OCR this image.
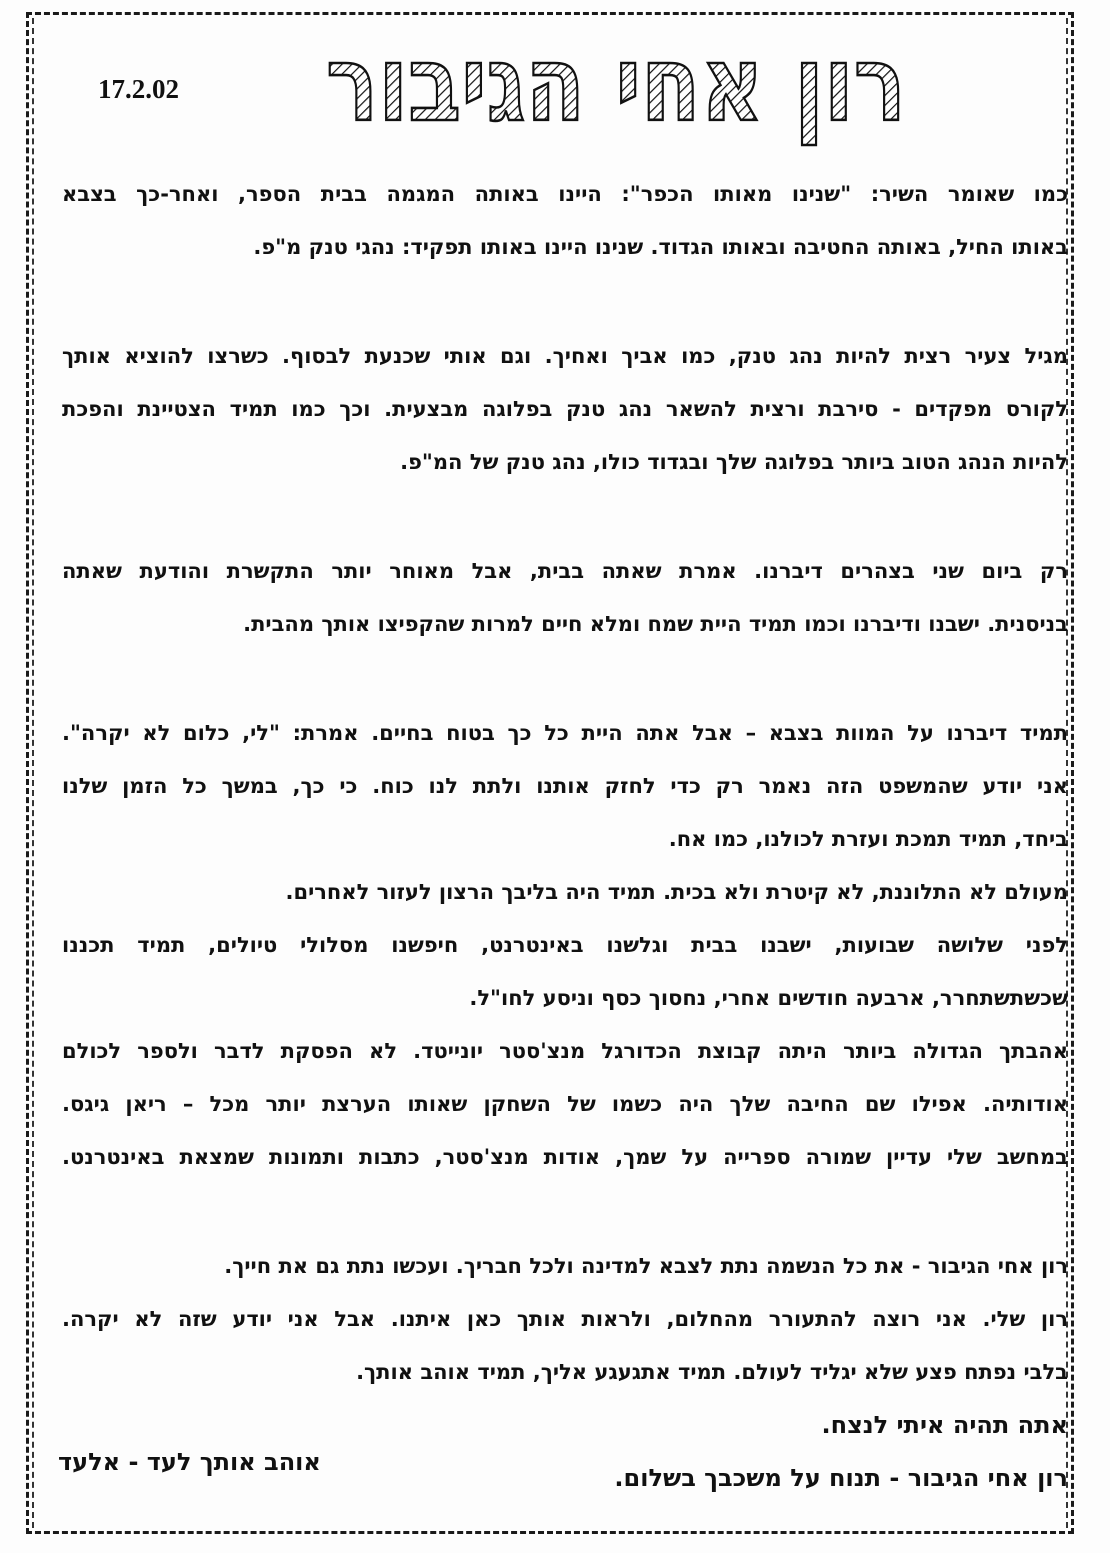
17.2.02 רון אחי הגיבור
כמו שאומר השיר: "שנינו מאותו הכפר": היינו באותה המגמה בבית הספר, ואחר-כך בצבא
באותו החיל, באותה החטיבה ובאותו הגדוד. שנינו היינו באותו תפקיד: נהגי טנק מ"פ.
מגיל צעיר רצית להיות נהג טנק, כמו אביך ואחיך. וגם אותי שכנעת לבסוף. כשרצו להוציא אותך
לקורס מפקדים - סירבת ורצית להשאר נהג טנק בפלוגה מבצעית. וכך כמו תמיד הצטיינת והפכת
להיות הנהג הטוב ביותר בפלוגה שלך ובגדוד כולו, נהג טנק של המ"פ.
רק ביום שני בצהרים דיברנו. אמרת שאתה בבית, אבל מאוחר יותר התקשרת והודעת שאתה
בניסנית. ישבנו ודיברנו וכמו תמיד היית שמח ומלא חיים למרות שהקפיצו אותך מהבית.
תמיד דיברנו על המוות בצבא – אבל אתה היית כל כך בטוח בחיים. אמרת: "לי, כלום לא יקרה".
אני יודע שהמשפט הזה נאמר רק כדי לחזק אותנו ולתת לנו כוח. כי כך, במשך כל הזמן שלנו
ביחד, תמיד תמכת ועזרת לכולנו, כמו אח.
מעולם לא התלוננת, לא קיטרת ולא בכית. תמיד היה בליבך הרצון לעזור לאחרים.
לפני שלושה שבועות, ישבנו בבית וגלשנו באינטרנט, חיפשנו מסלולי טיולים, תמיד תכננו
שכשתשתחרר, ארבעה חודשים אחרי, נחסוך כסף וניסע לחו"ל.
אהבתך הגדולה ביותר היתה קבוצת הכדורגל מנצ'סטר יונייטד. לא הפסקת לדבר ולספר לכולם
אודותיה. אפילו שם החיבה שלך היה כשמו של השחקן שאותו הערצת יותר מכל – ריאן גיגס.
במחשב שלי עדיין שמורה ספרייה על שמך, אודות מנצ'סטר, כתבות ותמונות שמצאת באינטרנט.
רון אחי הגיבור - את כל הנשמה נתת לצבא למדינה ולכל חבריך. ועכשו נתת גם את חייך.
רון שלי. אני רוצה להתעורר מהחלום, ולראות אותך כאן איתנו. אבל אני יודע שזה לא יקרה.
בלבי נפתח פצע שלא יגליד לעולם. תמיד אתגעגע אליך, תמיד אוהב אותך.
אתה תהיה איתי לנצח.
רון אחי הגיבור - תנוח על משכבך בשלום.
אוהב אותך לעד - אלעד
